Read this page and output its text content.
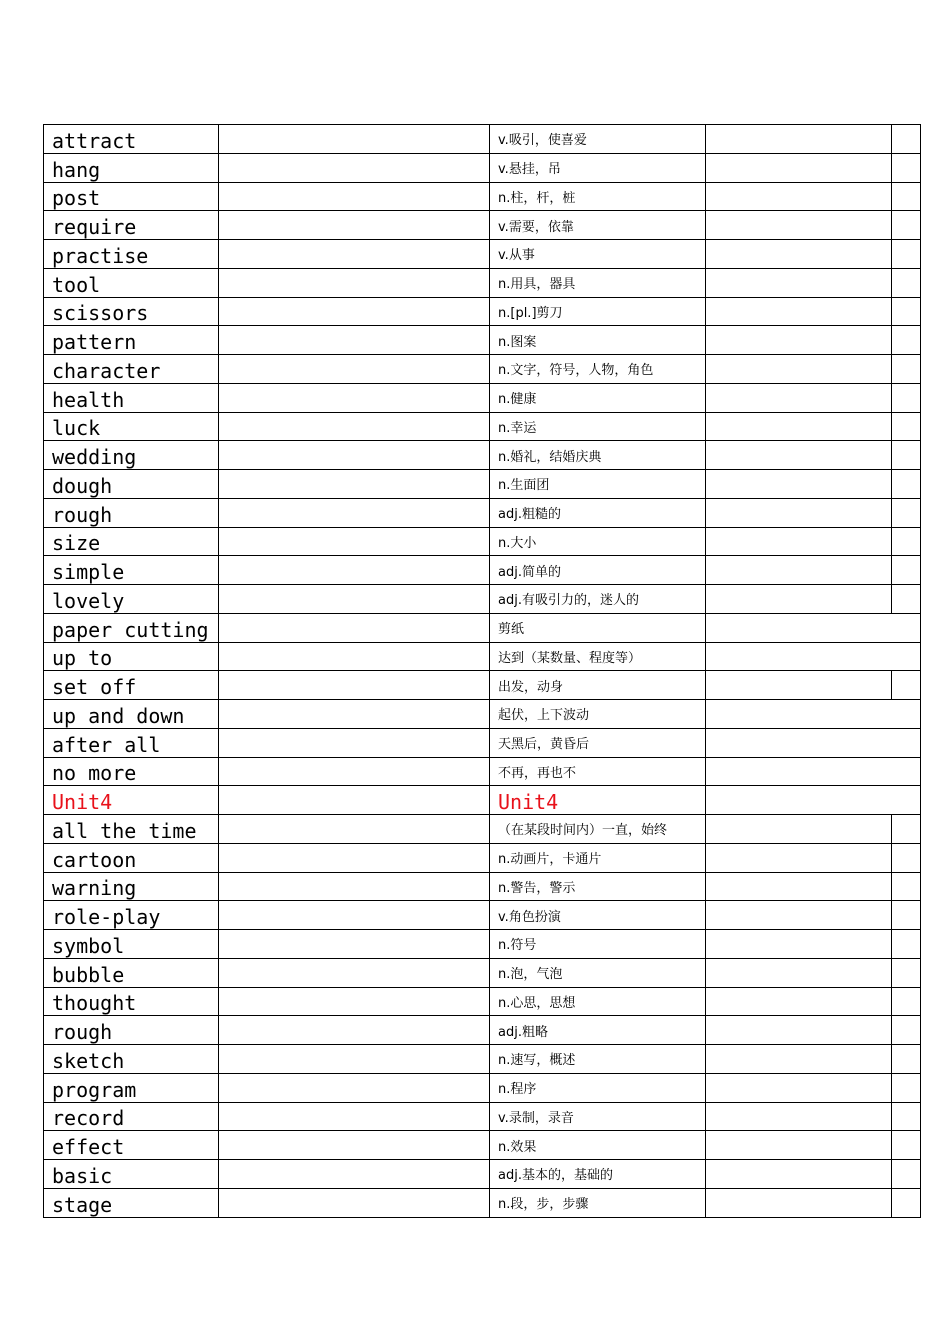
attract		v.吸引，使喜爱		
hang		v.悬挂，吊		
post		n.柱，杆，桩		
require		v.需要，依靠		
practise		v.从事		
tool		n.用具，器具		
scissors		n.[pl.]剪刀		
pattern		n.图案		
character		n.文字，符号，人物，角色		
health		n.健康		
luck		n.幸运		
wedding		n.婚礼，结婚庆典		
dough		n.生面团		
rough		adj.粗糙的		
size		n.大小		
simple		adj.简单的		
lovely		adj.有吸引力的，迷人的		
paper cutting		剪纸		
up to		达到（某数量、程度等）		
set off		出发，动身		
up and down		起伏，上下波动		
after all		天黑后，黄昏后		
no more		不再，再也不		
Unit4		Unit4		
all the time		（在某段时间内）一直，始终		
cartoon		n.动画片，卡通片		
warning		n.警告，警示		
role-play		v.角色扮演		
symbol		n.符号		
bubble		n.泡，气泡		
thought		n.心思，思想		
rough		adj.粗略		
sketch		n.速写，概述		
program		n.程序		
record		v.录制，录音		
effect		n.效果		
basic		adj.基本的，基础的		
stage		n.段，步，步骤		
